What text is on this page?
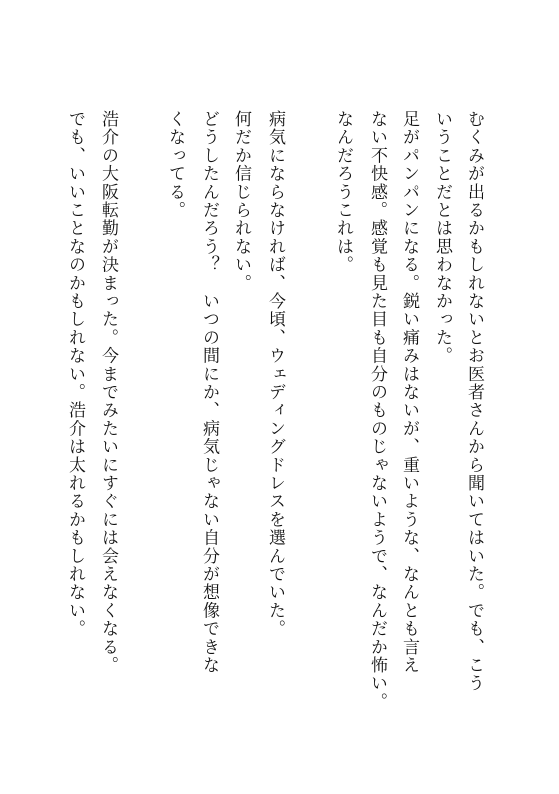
むくみが出るかもしれないとお医者さんから聞いてはいた。でも、こう
いうことだとは思わなかった。
足がパンパンになる。鋭い痛みはないが、重いような、なんとも言え
ない不快感。感覚も見た目も自分のものじゃないようで、なんだか怖い。
なんだろうこれは。
病気にならなければ、今頃、ウェディングドレスを選んでいた。
何だか信じられない。
どうしたんだろう？　いつの間にか、病気じゃない自分が想像できな
くなってる。
浩介の大阪転勤が決まった。今までみたいにすぐには会えなくなる。
でも、いいことなのかもしれない。浩介は太れるかもしれない。
